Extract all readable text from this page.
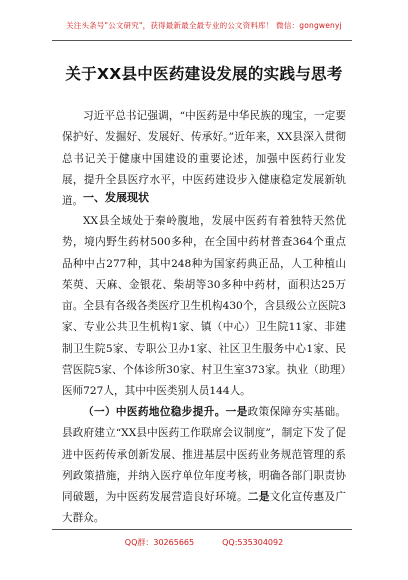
关注头条号"公文研究"，获得最新最全最专业的公文资料库！ 微信：gongwenyj
关于XX县中医药建设发展的实践与思考
习近平总书记强调，“中医药是中华民族的瑰宝，一定要保护好、发掘好、发展好、传承好。”近年来，XX县深入贯彻总书记关于健康中国建设的重要论述，加强中医药行业发展，提升全县医疗水平，中医药建设步入健康稳定发展新轨道。 一、发展现状
XX县全域处于秦岭腹地，发展中医药有着独特天然优势，境内野生药材500多种，在全国中药材普查364个重点品种中占277种，其中248种为国家药典正品，人工种植山茱萸、天麻、金银花、柴胡等30多种中药材，面积达25万亩。全县有各级各类医疗卫生机构430个，含县级公立医院3家、专业公共卫生机构1家、镇（中心）卫生院11家、非建制卫生院5家、专职公卫办1家、社区卫生服务中心1家、民营医院5家、个体诊所30家、村卫生室373家。执业（助理）医师727人，其中中医类别人员144人。
（一）中医药地位稳步提升。一是政策保障夯实基础。县政府建立“XX县中医药工作联席会议制度”，制定下发了促进中医药传承创新发展、推进基层中医药业务规范管理的系列政策措施，并纳入医疗单位年度考核，明确各部门职责协同破题，为中医药发展营造良好环境。二是文化宣传惠及广大群众。
QQ群：30265665	QQ:535304092
